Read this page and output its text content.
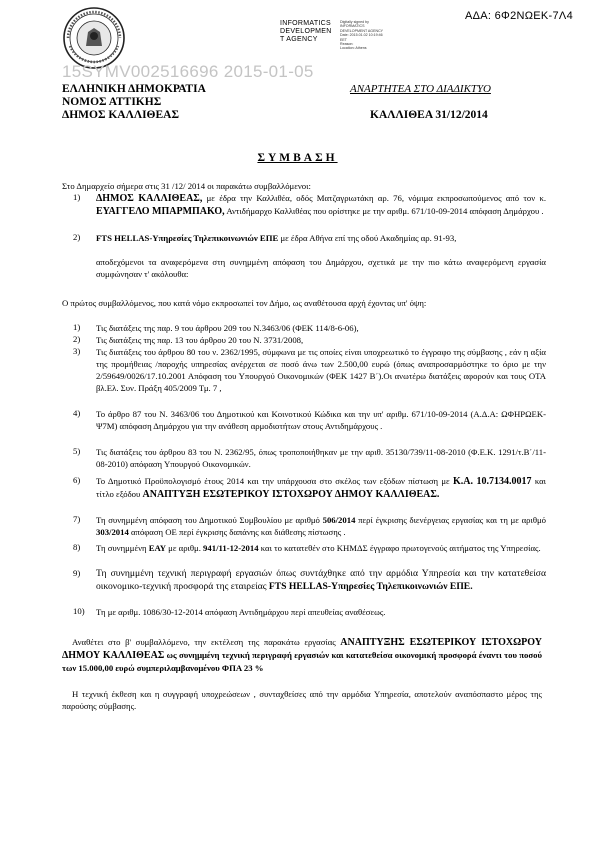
ΑΔΑ: 6Φ2ΝΩΕΚ-7Λ4
INFORMATICS
DEVELOPMEN
T AGENCY
Digitally signed by
INFORMATICS
DEVELOPMENT AGENCY
Date: 2015.01.02 10:19:46
EET
Reason:
Location: Athens
15SYMV002516696 2015-01-05
ΕΛΛΗΝΙΚΗ ΔΗΜΟΚΡΑΤΙΑ
ΝΟΜΟΣ ΑΤΤΙΚΗΣ
ΔΗΜΟΣ ΚΑΛΛΙΘΕΑΣ
ΑΝΑΡΤΗΤΕΑ ΣΤΟ ΔΙΑΔΙΚΤΥΟ
ΚΑΛΛΙΘΕΑ 31/12/2014
ΣΥΜΒΑΣΗ
Στο Δημαρχείο σήμερα στις 31 /12/ 2014 οι παρακάτω συμβαλλόμενοι:
1) ΔΗΜΟΣ ΚΑΛΛΙΘΕΑΣ, με έδρα την Καλλιθέα, οδός Ματζαγριωτάκη αρ. 76, νόμιμα εκπροσωπούμενος από τον κ. ΕΥΑΓΓΕΛΟ ΜΠΑΡΜΠΑΚΟ, Αντιδήμαρχο Καλλιθέας που ορίστηκε με την αριθμ. 671/10-09-2014 απόφαση Δημάρχου .
2) FTS HELLAS-Υπηρεσίες Τηλεπικοινωνιών ΕΠΕ με έδρα Αθήνα επί της οδού Ακαδημίας αρ. 91-93,
αποδεχόμενοι τα αναφερόμενα στη συνημμένη απόφαση του Δημάρχου, σχετικά με την πιο κάτω αναφερόμενη εργασία συμφώνησαν τ' ακόλουθα:
Ο πρώτος συμβαλλόμενος, που κατά νόμο εκπροσωπεί τον Δήμο, ως αναθέτουσα αρχή έχοντας υπ' όψη:
1) Τις διατάξεις της παρ. 9 του άρθρου 209 του Ν.3463/06 (ΦΕΚ 114/8-6-06),
2) Τις διατάξεις της παρ. 13 του άρθρου 20 του Ν. 3731/2008,
3) Τις διατάξεις του άρθρου 80 του ν. 2362/1995, σύμφωνα με τις οποίες είναι υποχρεωτικό το έγγραφο της σύμβασης , εάν η αξία της προμήθειας /παροχής υπηρεσίας ανέρχεται σε ποσό άνω των 2.500,00 ευρώ (όπως αναπροσαρμόστηκε το όριο με την 2/59649/0026/17.10.2001 Απόφαση του Υπουργού Οικονομικών (ΦΕΚ 1427 Β΄).Οι ανωτέρω διατάξεις αφορούν και τους ΟΤΑ βλ.Ελ. Συν. Πράξη 405/2009 Τμ. 7 ,
4) Το άρθρο 87 του Ν. 3463/06 του Δημοτικού και Κοινοτικού Κώδικα και την υπ' αριθμ. 671/10-09-2014 (Α.Δ.Α: ΩΦΗΡΩΕΚ-Ψ7Μ) απόφαση Δημάρχου για την ανάθεση αρμοδιοτήτων στους Αντιδημάρχους .
5) Τις διατάξεις του άρθρου 83 του Ν. 2362/95, όπως τροποποιήθηκαν με την αριθ. 35130/739/11-08-2010 (Φ.Ε.Κ. 1291/τ.Β΄/11-08-2010) απόφαση Υπουργού Οικονομικών.
6) Το Δημοτικό Προϋπολογισμό έτους 2014 και την υπάρχουσα στο σκέλος των εξόδων πίστωση με Κ.Α. 10.7134.0017 και τίτλο εξόδου ΑΝΑΠΤΥΞΗ ΕΣΩΤΕΡΙΚΟΥ ΙΣΤΟΧΩΡΟΥ ΔΗΜΟΥ ΚΑΛΛΙΘΕΑΣ.
7) Τη συνημμένη απόφαση του Δημοτικού Συμβουλίου με αριθμό 506/2014 περί έγκρισης διενέργειας εργασίας και τη με αριθμό 303/2014 απόφαση ΟΕ περί έγκρισης δαπάνης και διάθεσης πίστωσης .
8) Τη συνημμένη ΕΑΥ με αριθμ. 941/11-12-2014 και το κατατεθέν στο ΚΗΜΔΣ έγγραφο πρωτογενούς αιτήματος της Υπηρεσίας.
9) Τη συνημμένη τεχνική περιγραφή εργασιών όπως συντάχθηκε από την αρμόδια Υπηρεσία και την κατατεθείσα οικονομικο-τεχνική προσφορά της εταιρείας FTS HELLAS-Υπηρεσίες Τηλεπικοινωνιών ΕΠΕ.
10) Τη με αριθμ. 1086/30-12-2014 απόφαση Αντιδημάρχου περί απευθείας αναθέσεως.
Αναθέτει στο β' συμβαλλόμενο, την εκτέλεση της παρακάτω εργασίας ΑΝΑΠΤΥΞΗΣ ΕΣΩΤΕΡΙΚΟΥ ΙΣΤΟΧΩΡΟΥ ΔΗΜΟΥ ΚΑΛΛΙΘΕΑΣ ως συνημμένη τεχνική περιγραφή εργασιών και κατατεθείσα οικονομική προσφορά έναντι του ποσού των 15.000,00 ευρώ συμπεριλαμβανομένου ΦΠΑ 23 %
Η τεχνική έκθεση και η συγγραφή υποχρεώσεων , συνταχθείσες από την αρμόδια Υπηρεσία, αποτελούν αναπόσπαστο μέρος της παρούσης σύμβασης.
